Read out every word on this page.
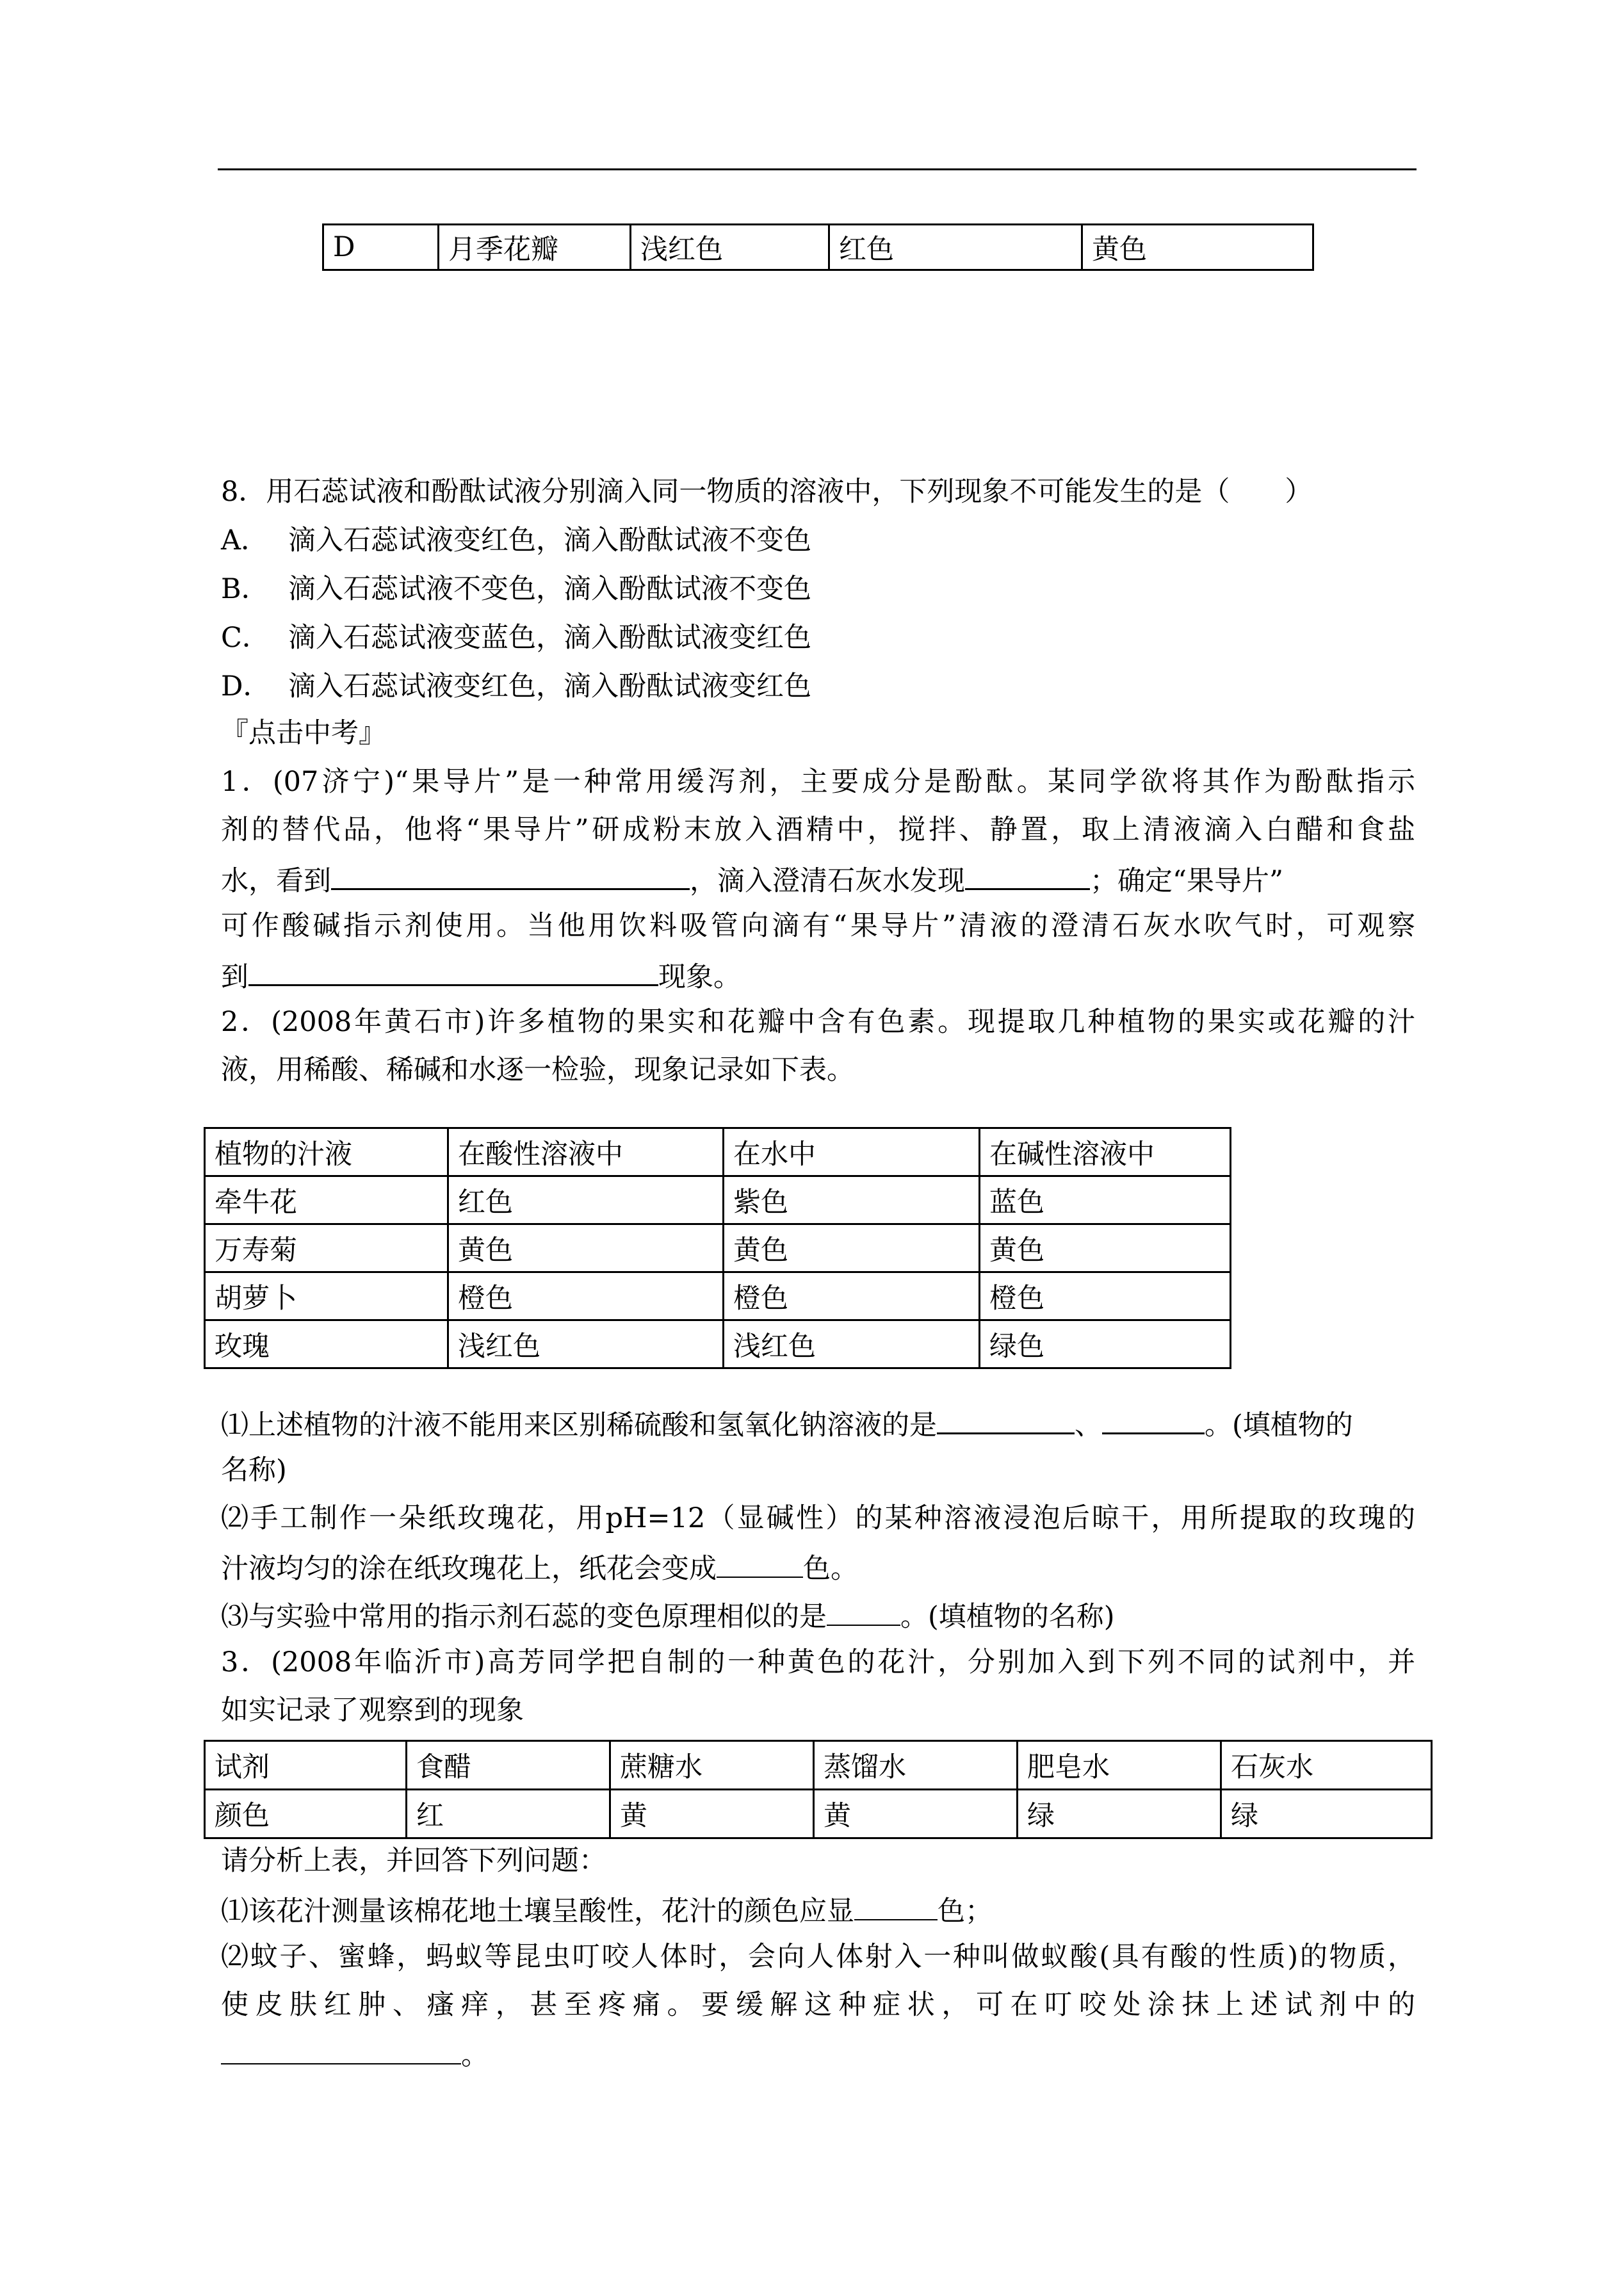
D	月季花瓣	浅红色	红色	黄色
8．用石蕊试液和酚酞试液分别滴入同一物质的溶液中，下列现象不可能发生的是（　　）
A． 滴入石蕊试液变红色，滴入酚酞试液不变色
B． 滴入石蕊试液不变色，滴入酚酞试液不变色
C． 滴入石蕊试液变蓝色，滴入酚酞试液变红色
D． 滴入石蕊试液变红色，滴入酚酞试液变红色
『点击中考』
1．(07济宁)“果导片”是一种常用缓泻剂，主要成分是酚酞。某同学欲将其作为酚酞指示
剂的替代品，他将“果导片”研成粉末放入酒精中，搅拌、静置，取上清液滴入白醋和食盐
水，看到	，滴入澄清石灰水发现	；确定“果导片”
可作酸碱指示剂使用。当他用饮料吸管向滴有“果导片”清液的澄清石灰水吹气时，可观察
到	现象。
2．(2008年黄石市)许多植物的果实和花瓣中含有色素。现提取几种植物的果实或花瓣的汁
液，用稀酸、稀碱和水逐一检验，现象记录如下表。
植物的汁液	在酸性溶液中	在水中	在碱性溶液中
牵牛花	红色	紫色	蓝色
万寿菊	黄色	黄色	黄色
胡萝卜	橙色	橙色	橙色
玫瑰	浅红色	浅红色	绿色
⑴上述植物的汁液不能用来区别稀硫酸和氢氧化钠溶液的是	、	。(填植物的
名称)
⑵手工制作一朵纸玫瑰花，用pH=12（显碱性）的某种溶液浸泡后晾干，用所提取的玫瑰的
汁液均匀的涂在纸玫瑰花上，纸花会变成	色。
⑶与实验中常用的指示剂石蕊的变色原理相似的是	。(填植物的名称)
3．(2008年临沂市)高芳同学把自制的一种黄色的花汁，分别加入到下列不同的试剂中，并
如实记录了观察到的现象
试剂	食醋	蔗糖水	蒸馏水	肥皂水	石灰水
颜色	红	黄	黄	绿	绿
请分析上表，并回答下列问题：
⑴该花汁测量该棉花地土壤呈酸性，花汁的颜色应显	色；
⑵蚊子、蜜蜂，蚂蚁等昆虫叮咬人体时，会向人体射入一种叫做蚁酸(具有酸的性质)的物质，
使皮肤红肿、瘙痒，甚至疼痛。要缓解这种症状，可在叮咬处涂抹上述试剂中的
。
